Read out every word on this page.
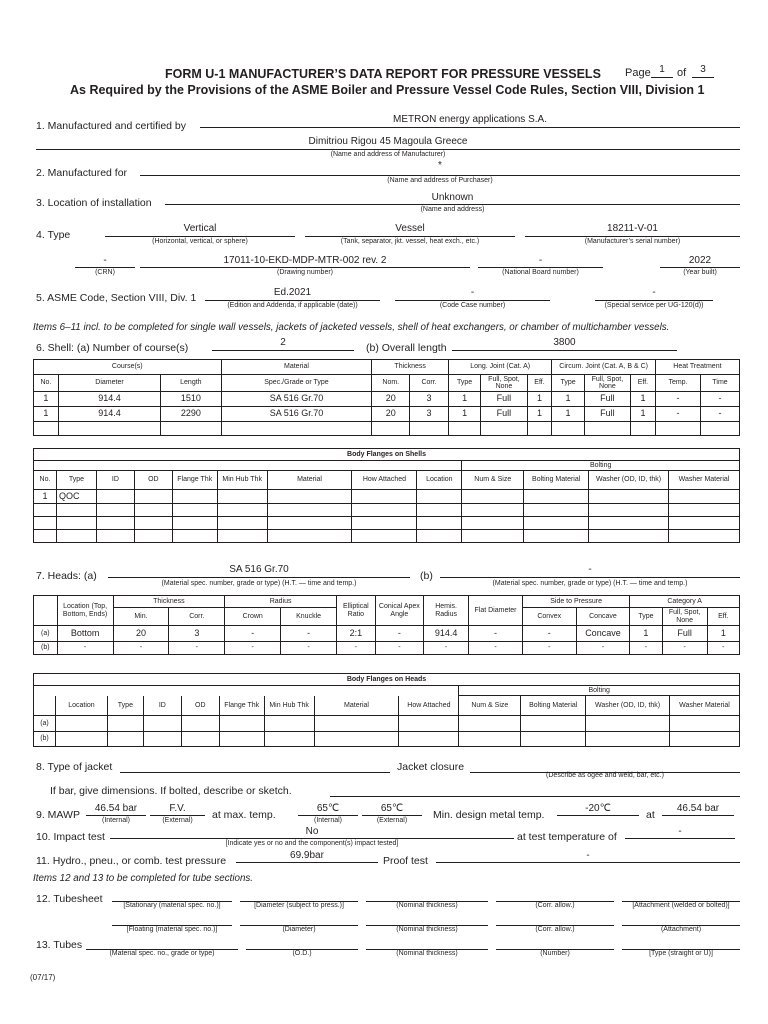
FORM U-1 MANUFACTURER’S DATA REPORT FOR PRESSURE VESSELS Page 1	of	3
As Required by the Provisions of the ASME Boiler and Pressure Vessel Code Rules, Section VIII, Division 1
1. Manufactured and certified by
METRON energy applications S.A.
Dimitriou Rigou 45 Magoula Greece
(Name and address of Manufacturer)
2. Manufactured for
*
(Name and address of Purchaser)
3. Location of installation	Unknown
(Name and address)
4. Type
Vertical
(Horizontal, vertical, or sphere)
Vessel
(Tank, separator, jkt. vessel, heat exch., etc.)
18211-V-01
(Manufacturer’s serial number)
-
(CRN)
17011-10-EKD-MDP-MTR-002 rev. 2
(Drawing number)
-
(National Board number)
2022
(Year built)
5. ASME Code, Section VIII, Div. 1	Ed.2021
(Edition and Addenda, if applicable (date))
-
(Code Case number)
-
(Special service per UG-120(d))
Items 6–11 incl. to be completed for single wall vessels, jackets of jacketed vessels, shell of heat exchangers, or chamber of multichamber vessels.
6. Shell: (a) Number of course(s)	2	(b) Overall length	3800
Course(s)			Material	Thickness		Long. Joint (Cat. A)			Circum. Joint (Cat. A, B & C)			Heat Treatment	
No.	Diameter	Length	Spec./Grade or Type	Nom.	Corr.	Type	Full, Spot, None	Eff.	Type	Full, Spot, None	Eff.	Temp.	Time
1	914.4	1510	SA 516 Gr.70	20	3	1	Full	1	1	Full	1	-	-
1	914.4	2290	SA 516 Gr.70	20	3	1	Full	1	1	Full	1	-	-

Body Flanges on Shells												
									Bolting			
No.	Type	ID	OD	Flange Thk	Min Hub Thk	Material	How Attached	Location	Num & Size	Bolting Material	Washer (OD, ID, thk)	Washer Material
1	QOC											

7. Heads: (a)
SA 516 Gr.70
(Material spec. number, grade or type) (H.T. — time and temp.)
(b)
-
(Material spec. number, grade or type) (H.T. — time and temp.)
	Location (Top, Bottom, Ends)	Thickness		Radius		Elliptical Ratio	Conical Apex Angle	Hemis. Radius	Flat Diameter	Side to Pressure		Category A		
		Min.	Corr.	Crown	Knuckle					Convex	Concave	Type	Full, Spot, None	Eff.
(a)	Bottom	20	3	-	-	2:1	-	914.4	-	-	Concave	1	Full	1
(b)	-	-	-	-	-	-	-	-	-	-	-	-	-	-
Body Flanges on Heads												
									Bolting			
	Location	Type	ID	OD	Flange Thk	Min Hub Thk	Material	How Attached	Num & Size	Bolting Material	Washer (OD, ID, thk)	Washer Material
(a)												
(b)												
8. Type of jacket	Jacket closure
(Describe as ogee and weld, bar, etc.)
If bar, give dimensions. If bolted, describe or sketch.
9. MAWP
46.54 bar
(Internal)
F.V.
(External)	at max. temp.
65℃
(Internal)
65℃
(External)	Min. design metal temp.
-20℃
at
46.54 bar
10. Impact test	No
[Indicate yes or no and the component(s) impact tested]
at test temperature of	-
11. Hydro., pneu., or comb. test pressure	69.9bar	Proof test	-
Items 12 and 13 to be completed for tube sections.
12. Tubesheet
[Stationary (material spec. no.)]	[Diameter (subject to press.)]	(Nominal thickness)	(Corr. allow.)	[Attachment (welded or bolted)]
[Floating (material spec. no.)]	(Diameter)	(Nominal thickness)	(Corr. allow.)	(Attachment)
13. Tubes
(Material spec. no., grade or type)	(O.D.)	(Nominal thickness)	(Number)	[Type (straight or U)]
(07/17)
